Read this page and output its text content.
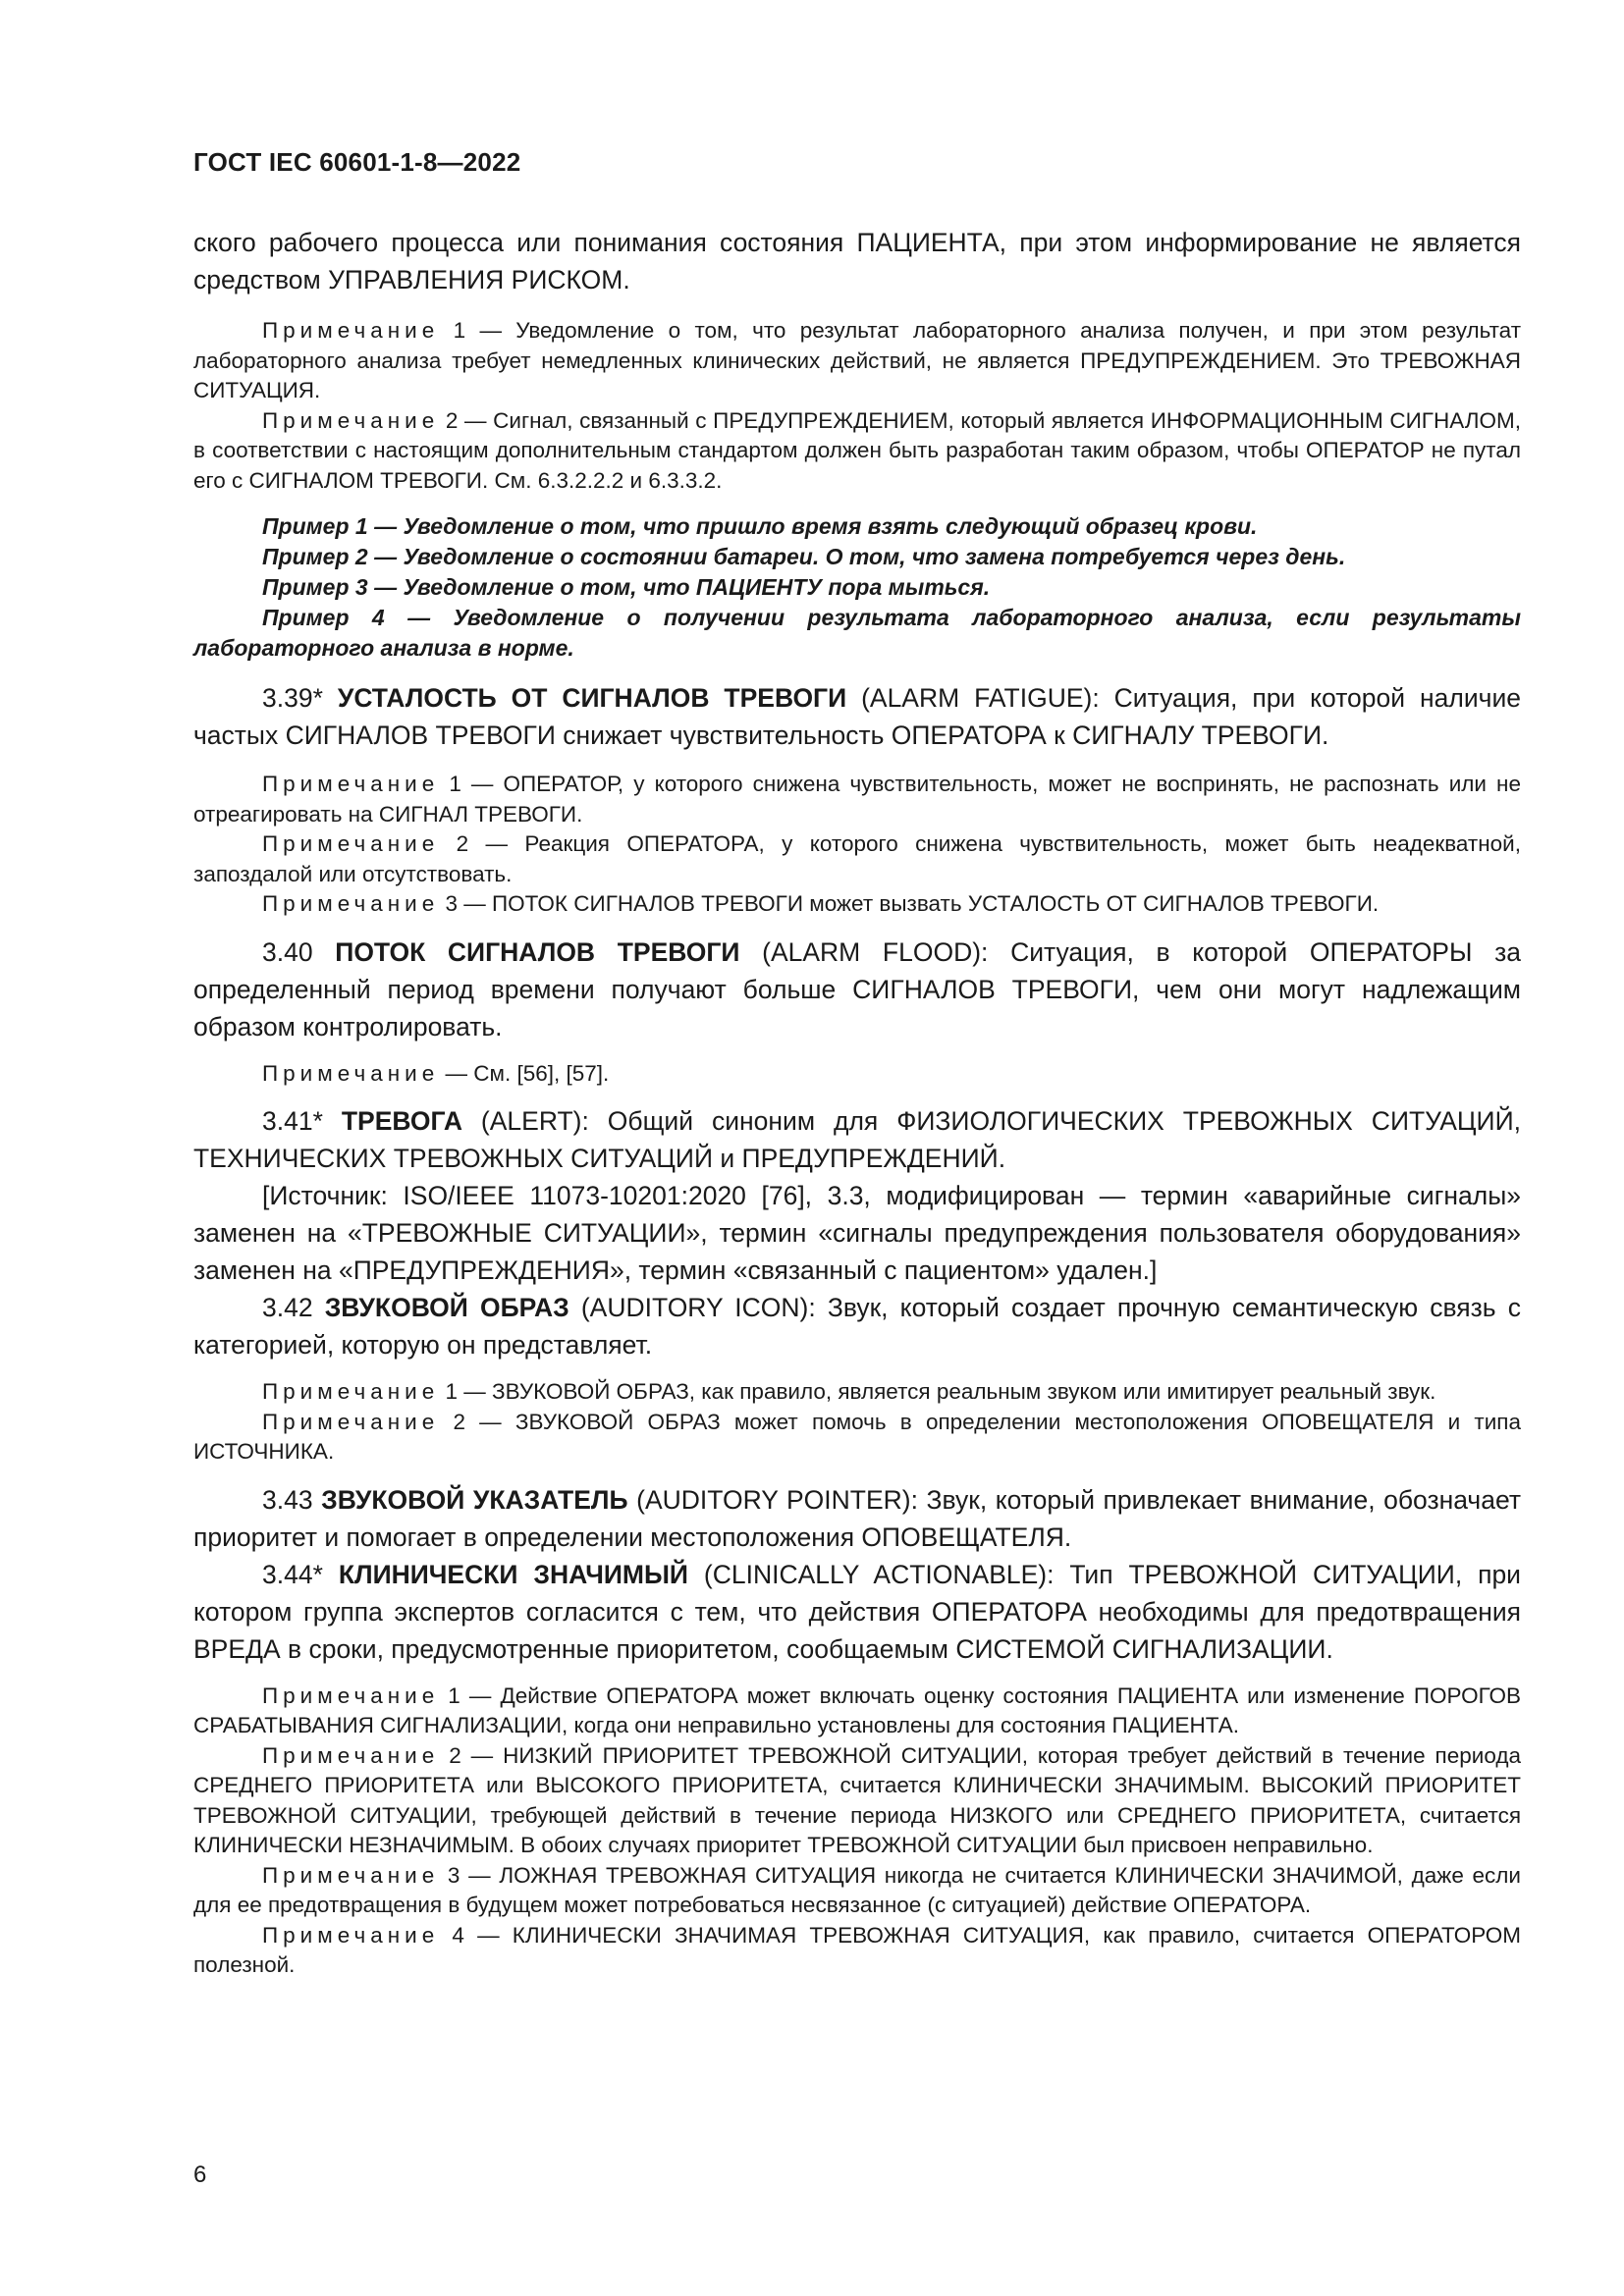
ГОСТ IEC 60601-1-8—2022

ского рабочего процесса или понимания состояния ПАЦИЕНТА, при этом информирование не является средством УПРАВЛЕНИЯ РИСКОМ.

Примечание 1 — Уведомление о том, что результат лабораторного анализа получен, и при этом результат лабораторного анализа требует немедленных клинических действий, не является ПРЕДУПРЕЖДЕНИЕМ. Это ТРЕВОЖНАЯ СИТУАЦИЯ.

Примечание 2 — Сигнал, связанный с ПРЕДУПРЕЖДЕНИЕМ, который является ИНФОРМАЦИОННЫМ СИГНАЛОМ, в соответствии с настоящим дополнительным стандартом должен быть разработан таким образом, чтобы ОПЕРАТОР не путал его с СИГНАЛОМ ТРЕВОГИ. См. 6.3.2.2.2 и 6.3.3.2.

Пример 1 — Уведомление о том, что пришло время взять следующий образец крови.

Пример 2 — Уведомление о состоянии батареи. О том, что замена потребуется через день.

Пример 3 — Уведомление о том, что ПАЦИЕНТУ пора мыться.

Пример 4 — Уведомление о получении результата лабораторного анализа, если результаты лабораторного анализа в норме.

3.39* УСТАЛОСТЬ ОТ СИГНАЛОВ ТРЕВОГИ (ALARM FATIGUE): Ситуация, при которой наличие частых СИГНАЛОВ ТРЕВОГИ снижает чувствительность ОПЕРАТОРА к СИГНАЛУ ТРЕВОГИ.

Примечание 1 — ОПЕРАТОР, у которого снижена чувствительность, может не воспринять, не распознать или не отреагировать на СИГНАЛ ТРЕВОГИ.

Примечание 2 — Реакция ОПЕРАТОРА, у которого снижена чувствительность, может быть неадекватной, запоздалой или отсутствовать.

Примечание 3 — ПОТОК СИГНАЛОВ ТРЕВОГИ может вызвать УСТАЛОСТЬ ОТ СИГНАЛОВ ТРЕВОГИ.

3.40 ПОТОК СИГНАЛОВ ТРЕВОГИ (ALARM FLOOD): Ситуация, в которой ОПЕРАТОРЫ за определенный период времени получают больше СИГНАЛОВ ТРЕВОГИ, чем они могут надлежащим образом контролировать.

Примечание — См. [56], [57].

3.41* ТРЕВОГА (ALERT): Общий синоним для ФИЗИОЛОГИЧЕСКИХ ТРЕВОЖНЫХ СИТУАЦИЙ, ТЕХНИЧЕСКИХ ТРЕВОЖНЫХ СИТУАЦИЙ и ПРЕДУПРЕЖДЕНИЙ.

[Источник: ISO/IEEE 11073-10201:2020 [76], 3.3, модифицирован — термин «аварийные сигналы» заменен на «ТРЕВОЖНЫЕ СИТУАЦИИ», термин «сигналы предупреждения пользователя оборудования» заменен на «ПРЕДУПРЕЖДЕНИЯ», термин «связанный с пациентом» удален.]

3.42 ЗВУКОВОЙ ОБРАЗ (AUDITORY ICON): Звук, который создает прочную семантическую связь с категорией, которую он представляет.

Примечание 1 — ЗВУКОВОЙ ОБРАЗ, как правило, является реальным звуком или имитирует реальный звук.

Примечание 2 — ЗВУКОВОЙ ОБРАЗ может помочь в определении местоположения ОПОВЕЩАТЕЛЯ и типа ИСТОЧНИКА.

3.43 ЗВУКОВОЙ УКАЗАТЕЛЬ (AUDITORY POINTER): Звук, который привлекает внимание, обозначает приоритет и помогает в определении местоположения ОПОВЕЩАТЕЛЯ.

3.44* КЛИНИЧЕСКИ ЗНАЧИМЫЙ (CLINICALLY ACTIONABLE): Тип ТРЕВОЖНОЙ СИТУАЦИИ, при котором группа экспертов согласится с тем, что действия ОПЕРАТОРА необходимы для предотвращения ВРЕДА в сроки, предусмотренные приоритетом, сообщаемым СИСТЕМОЙ СИГНАЛИЗАЦИИ.

Примечание 1 — Действие ОПЕРАТОРА может включать оценку состояния ПАЦИЕНТА или изменение ПОРОГОВ СРАБАТЫВАНИЯ СИГНАЛИЗАЦИИ, когда они неправильно установлены для состояния ПАЦИЕНТА.

Примечание 2 — НИЗКИЙ ПРИОРИТЕТ ТРЕВОЖНОЙ СИТУАЦИИ, которая требует действий в течение периода СРЕДНЕГО ПРИОРИТЕТА или ВЫСОКОГО ПРИОРИТЕТА, считается КЛИНИЧЕСКИ ЗНАЧИМЫМ. ВЫСОКИЙ ПРИОРИТЕТ ТРЕВОЖНОЙ СИТУАЦИИ, требующей действий в течение периода НИЗКОГО или СРЕДНЕГО ПРИОРИТЕТА, считается КЛИНИЧЕСКИ НЕЗНАЧИМЫМ. В обоих случаях приоритет ТРЕВОЖНОЙ СИТУАЦИИ был присвоен неправильно.

Примечание 3 — ЛОЖНАЯ ТРЕВОЖНАЯ СИТУАЦИЯ никогда не считается КЛИНИЧЕСКИ ЗНАЧИМОЙ, даже если для ее предотвращения в будущем может потребоваться несвязанное (с ситуацией) действие ОПЕРАТОРА.

Примечание 4 — КЛИНИЧЕСКИ ЗНАЧИМАЯ ТРЕВОЖНАЯ СИТУАЦИЯ, как правило, считается ОПЕРАТОРОМ полезной.

6
